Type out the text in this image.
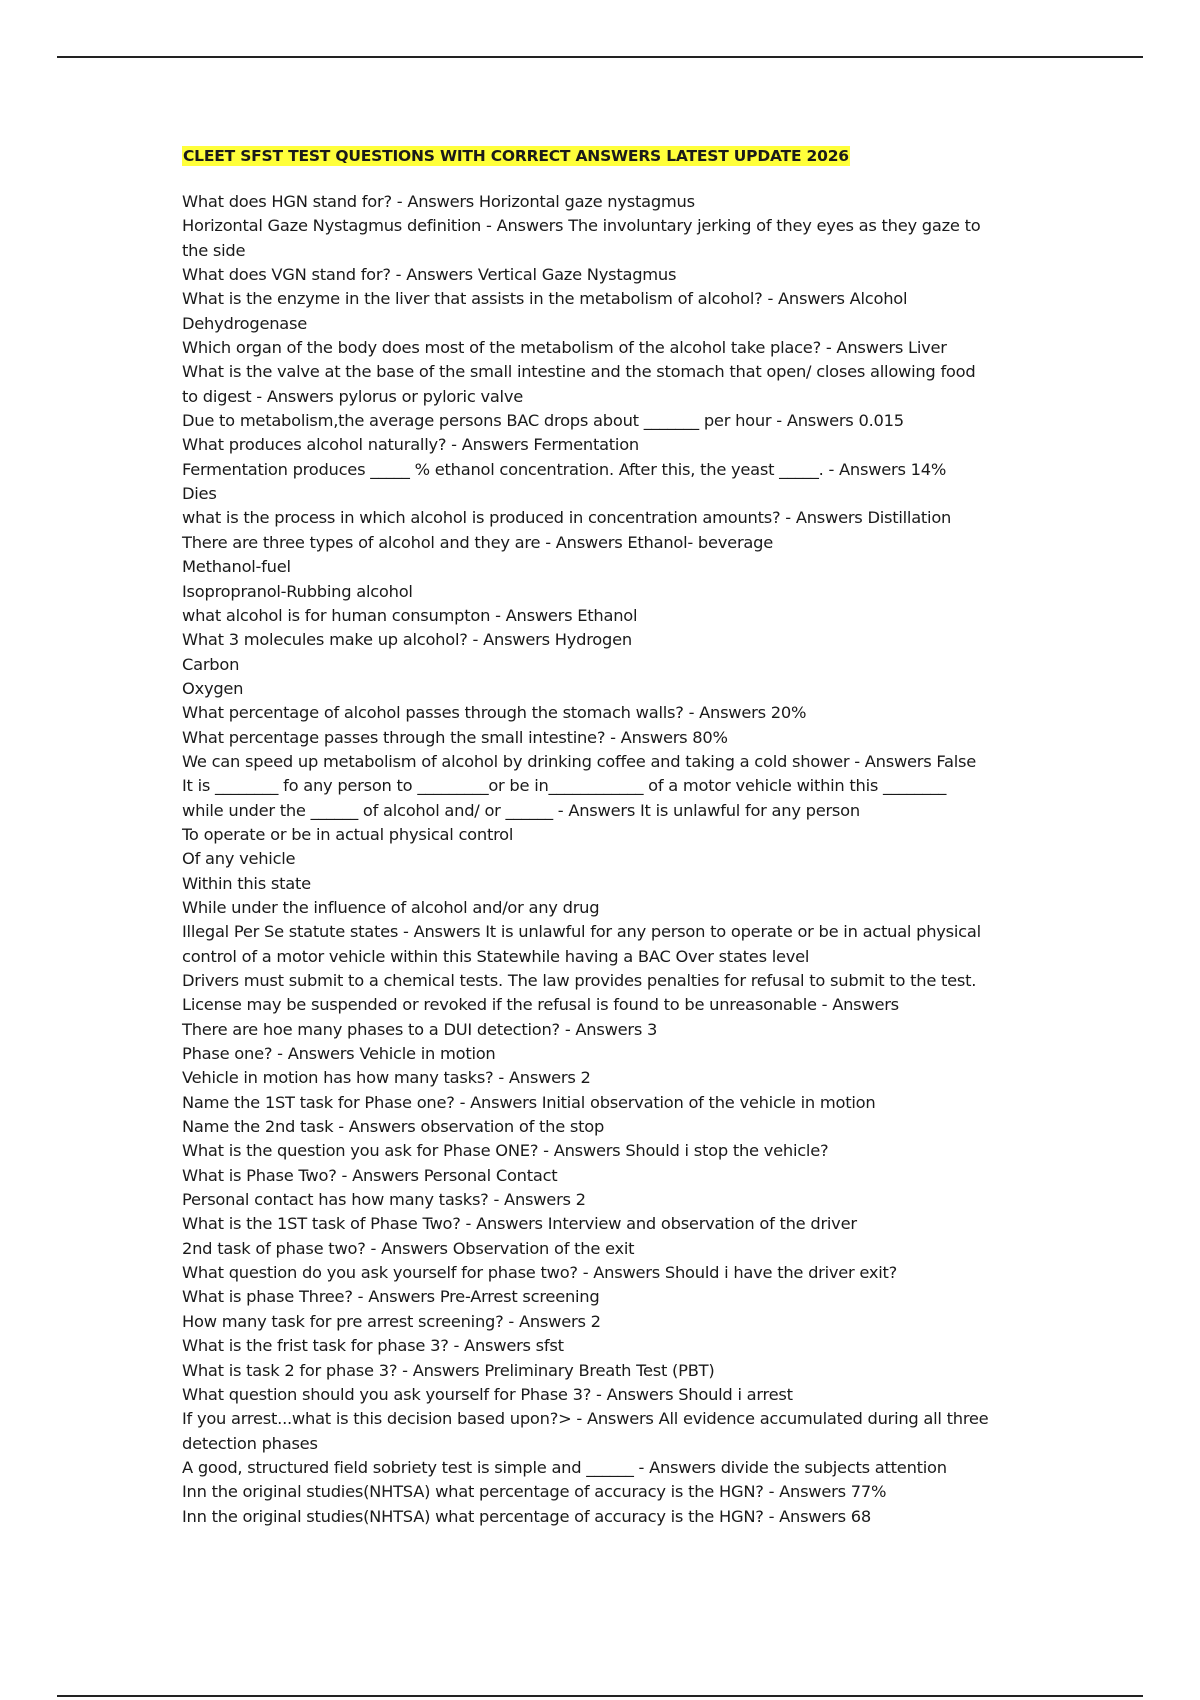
CLEET SFST TEST QUESTIONS WITH CORRECT ANSWERS LATEST UPDATE 2026
What does HGN stand for? - Answers Horizontal gaze nystagmus
Horizontal Gaze Nystagmus definition - Answers The involuntary jerking of they eyes as they gaze to
the side
What does VGN stand for? - Answers Vertical Gaze Nystagmus
What is the enzyme in the liver that assists in the metabolism of alcohol? - Answers Alcohol
Dehydrogenase
Which organ of the body does most of the metabolism of the alcohol take place? - Answers Liver
What is the valve at the base of the small intestine and the stomach that open/ closes allowing food
to digest - Answers pylorus or pyloric valve
Due to metabolism,the average persons BAC drops about _______ per hour - Answers 0.015
What produces alcohol naturally? - Answers Fermentation
Fermentation produces _____ % ethanol concentration. After this, the yeast _____. - Answers 14%
Dies
what is the process in which alcohol is produced in concentration amounts? - Answers Distillation
There are three types of alcohol and they are - Answers Ethanol- beverage
Methanol-fuel
Isopropranol-Rubbing alcohol
what alcohol is for human consumpton - Answers Ethanol
What 3 molecules make up alcohol? - Answers Hydrogen
Carbon
Oxygen
What percentage of alcohol passes through the stomach walls? - Answers 20%
What percentage passes through the small intestine? - Answers 80%
We can speed up metabolism of alcohol by drinking coffee and taking a cold shower - Answers False
It is ________ fo any person to _________or be in____________ of a motor vehicle within this ________
while under the ______ of alcohol and/ or ______ - Answers It is unlawful for any person
To operate or be in actual physical control
Of any vehicle
Within this state
While under the influence of alcohol and/or any drug
Illegal Per Se statute states - Answers It is unlawful for any person to operate or be in actual physical
control of a motor vehicle within this Statewhile having a BAC Over states level
Drivers must submit to a chemical tests. The law provides penalties for refusal to submit to the test.
License may be suspended or revoked if the refusal is found to be unreasonable - Answers
There are hoe many phases to a DUI detection? - Answers 3
Phase one? - Answers Vehicle in motion
Vehicle in motion has how many tasks? - Answers 2
Name the 1ST task for Phase one? - Answers Initial observation of the vehicle in motion
Name the 2nd task - Answers observation of the stop
What is the question you ask for Phase ONE? - Answers Should i stop the vehicle?
What is Phase Two? - Answers Personal Contact
Personal contact has how many tasks? - Answers 2
What is the 1ST task of Phase Two? - Answers Interview and observation of the driver
2nd task of phase two? - Answers Observation of the exit
What question do you ask yourself for phase two? - Answers Should i have the driver exit?
What is phase Three? - Answers Pre-Arrest screening
How many task for pre arrest screening? - Answers 2
What is the frist task for phase 3? - Answers sfst
What is task 2 for phase 3? - Answers Preliminary Breath Test (PBT)
What question should you ask yourself for Phase 3? - Answers Should i arrest
If you arrest...what is this decision based upon?> - Answers All evidence accumulated during all three
detection phases
A good, structured field sobriety test is simple and ______ - Answers divide the subjects attention
Inn the original studies(NHTSA) what percentage of accuracy is the HGN? - Answers 77%
Inn the original studies(NHTSA) what percentage of accuracy is the HGN? - Answers 68
